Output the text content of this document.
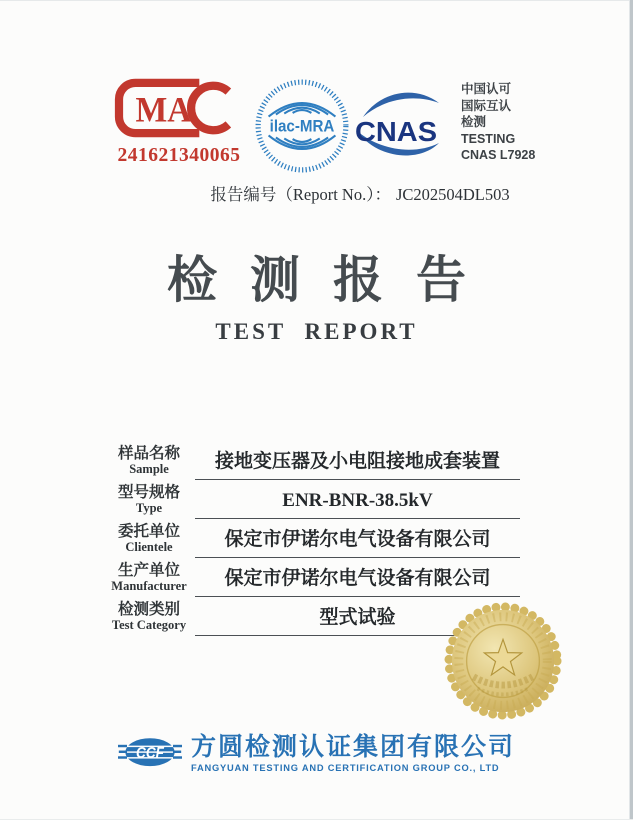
MA
241621340065
ilac-MRA CNAS
中国认可
国际互认
检测
TESTING
CNAS L7928
报告编号（Report No.）： JC202504DL503
检测报告
TEST REPORT
样品名称
Sample	接地变压器及小电阻接地成套装置
型号规格
Type	ENR-BNR-38.5kV
委托单位
Clientele	保定市伊诺尔电气设备有限公司
生产单位
Manufacturer	保定市伊诺尔电气设备有限公司
检测类别
Test Category	型式试验
CCF 方圆检测认证集团有限公司
FANGYUAN TESTING AND CERTIFICATION GROUP CO., LTD
